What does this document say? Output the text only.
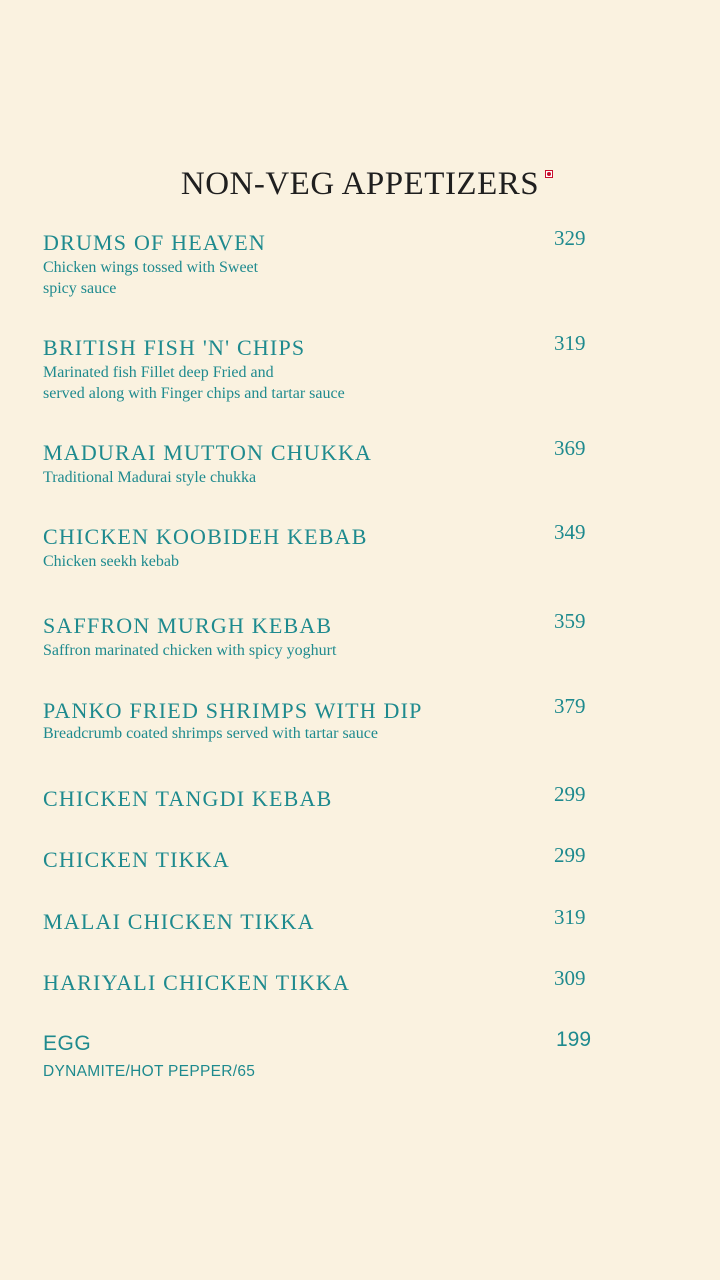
NON-VEG APPETIZERS
DRUMS OF HEAVEN	329
Chicken wings tossed with Sweet
spicy sauce
BRITISH FISH 'N' CHIPS	319
Marinated fish Fillet deep Fried and
served along with Finger chips and tartar sauce
MADURAI MUTTON CHUKKA	369
Traditional Madurai style chukka
CHICKEN KOOBIDEH KEBAB	349
Chicken seekh kebab
SAFFRON MURGH KEBAB	359
Saffron marinated chicken with spicy yoghurt
PANKO FRIED SHRIMPS WITH DIP	379
Breadcrumb coated shrimps served with tartar sauce
CHICKEN TANGDI KEBAB	299
CHICKEN TIKKA	299
MALAI CHICKEN TIKKA	319
HARIYALI CHICKEN TIKKA	309
EGG	199
DYNAMITE/HOT PEPPER/65
